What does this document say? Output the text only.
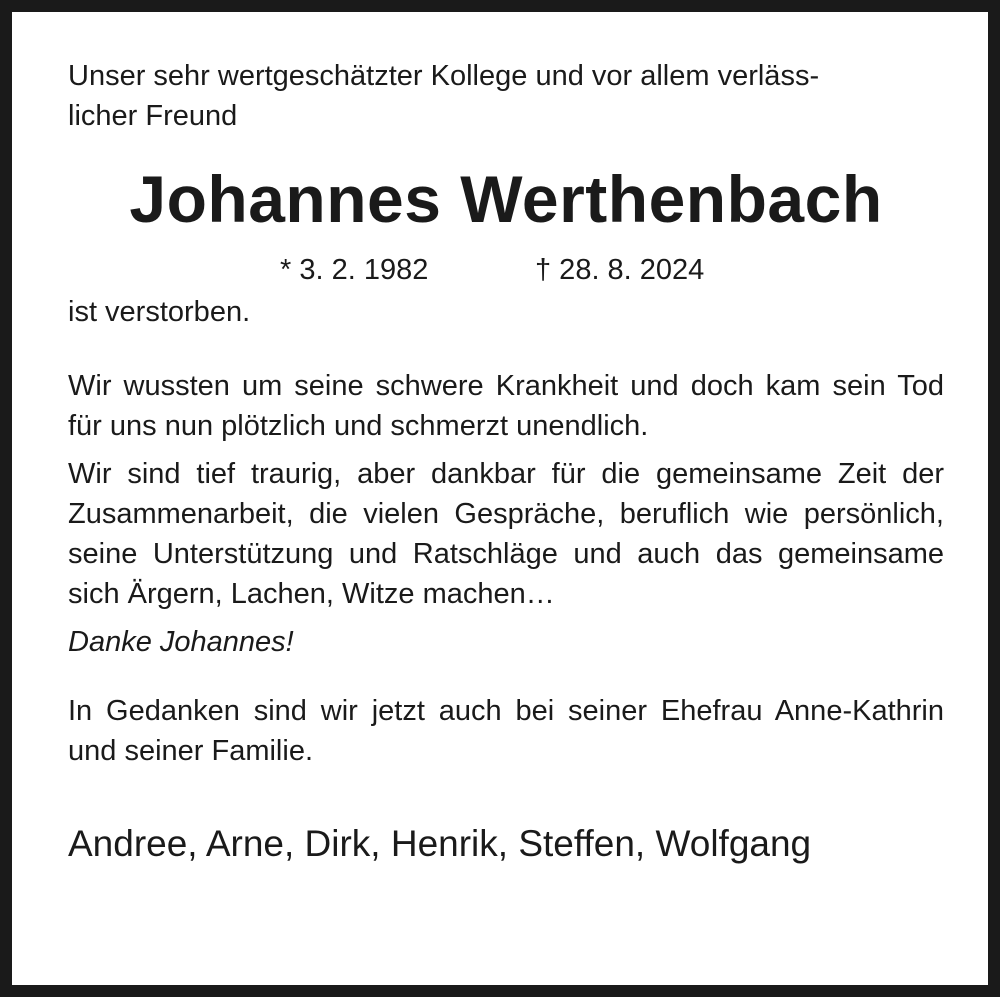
Unser sehr wertgeschätzter Kollege und vor allem verläss-
licher Freund

Johannes Werthenbach
* 3. 2. 1982	† 28. 8. 2024

ist verstorben.

Wir wussten um seine schwere Krankheit und doch kam sein Tod für uns nun plötzlich und schmerzt unendlich.

Wir sind tief traurig, aber dankbar für die gemeinsame Zeit der Zusammenarbeit, die vielen Gespräche, beruflich wie persönlich, seine Unterstützung und Ratschläge und auch das gemeinsame sich Ärgern, Lachen, Witze machen…

Danke Johannes!

In Gedanken sind wir jetzt auch bei seiner Ehefrau Anne-Kathrin und seiner Familie.

Andree, Arne, Dirk, Henrik, Steffen, Wolfgang
